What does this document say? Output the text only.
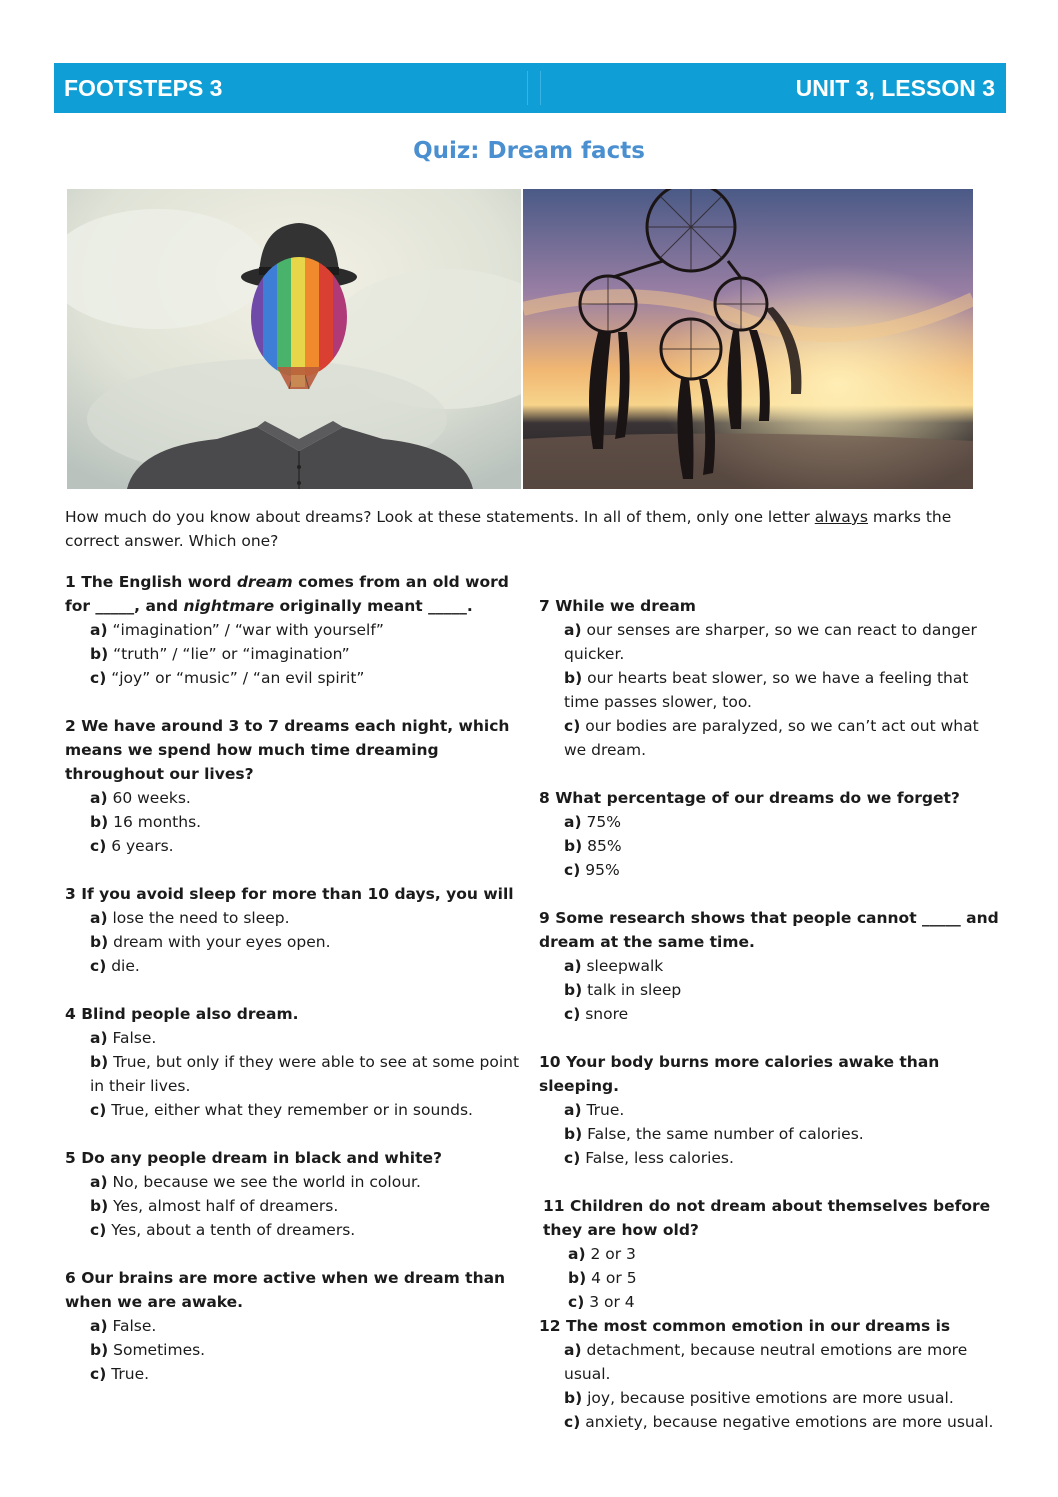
FOOTSTEPS 3	UNIT 3, LESSON 3
Quiz: Dream facts
How much do you know about dreams? Look at these statements. In all of them, only one letter always marks the correct answer. Which one?
1 The English word dream comes from an old word for _____, and nightmare originally meant _____.
a) “imagination” / “war with yourself”
b) “truth” / “lie” or “imagination”
c) “joy” or “music” / “an evil spirit”
2 We have around 3 to 7 dreams each night, which means we spend how much time dreaming throughout our lives?
a) 60 weeks.
b) 16 months.
c) 6 years.
3 If you avoid sleep for more than 10 days, you will
a) lose the need to sleep.
b) dream with your eyes open.
c) die.
4 Blind people also dream.
a) False.
b) True, but only if they were able to see at some point in their lives.
c) True, either what they remember or in sounds.
5 Do any people dream in black and white?
a) No, because we see the world in colour.
b) Yes, almost half of dreamers.
c) Yes, about a tenth of dreamers.
6 Our brains are more active when we dream than when we are awake.
a) False.
b) Sometimes.
c) True.
7 While we dream
a) our senses are sharper, so we can react to danger quicker.
b) our hearts beat slower, so we have a feeling that time passes slower, too.
c) our bodies are paralyzed, so we can’t act out what we dream.
8 What percentage of our dreams do we forget?
a) 75%
b) 85%
c) 95%
9 Some research shows that people cannot _____ and dream at the same time.
a) sleepwalk
b) talk in sleep
c) snore
10 Your body burns more calories awake than sleeping.
a) True.
b) False, the same number of calories.
c) False, less calories.
11 Children do not dream about themselves before they are how old?
a) 2 or 3
b) 4 or 5
c) 3 or 4
12 The most common emotion in our dreams is
a) detachment, because neutral emotions are more usual.
b) joy, because positive emotions are more usual.
c) anxiety, because negative emotions are more usual.
